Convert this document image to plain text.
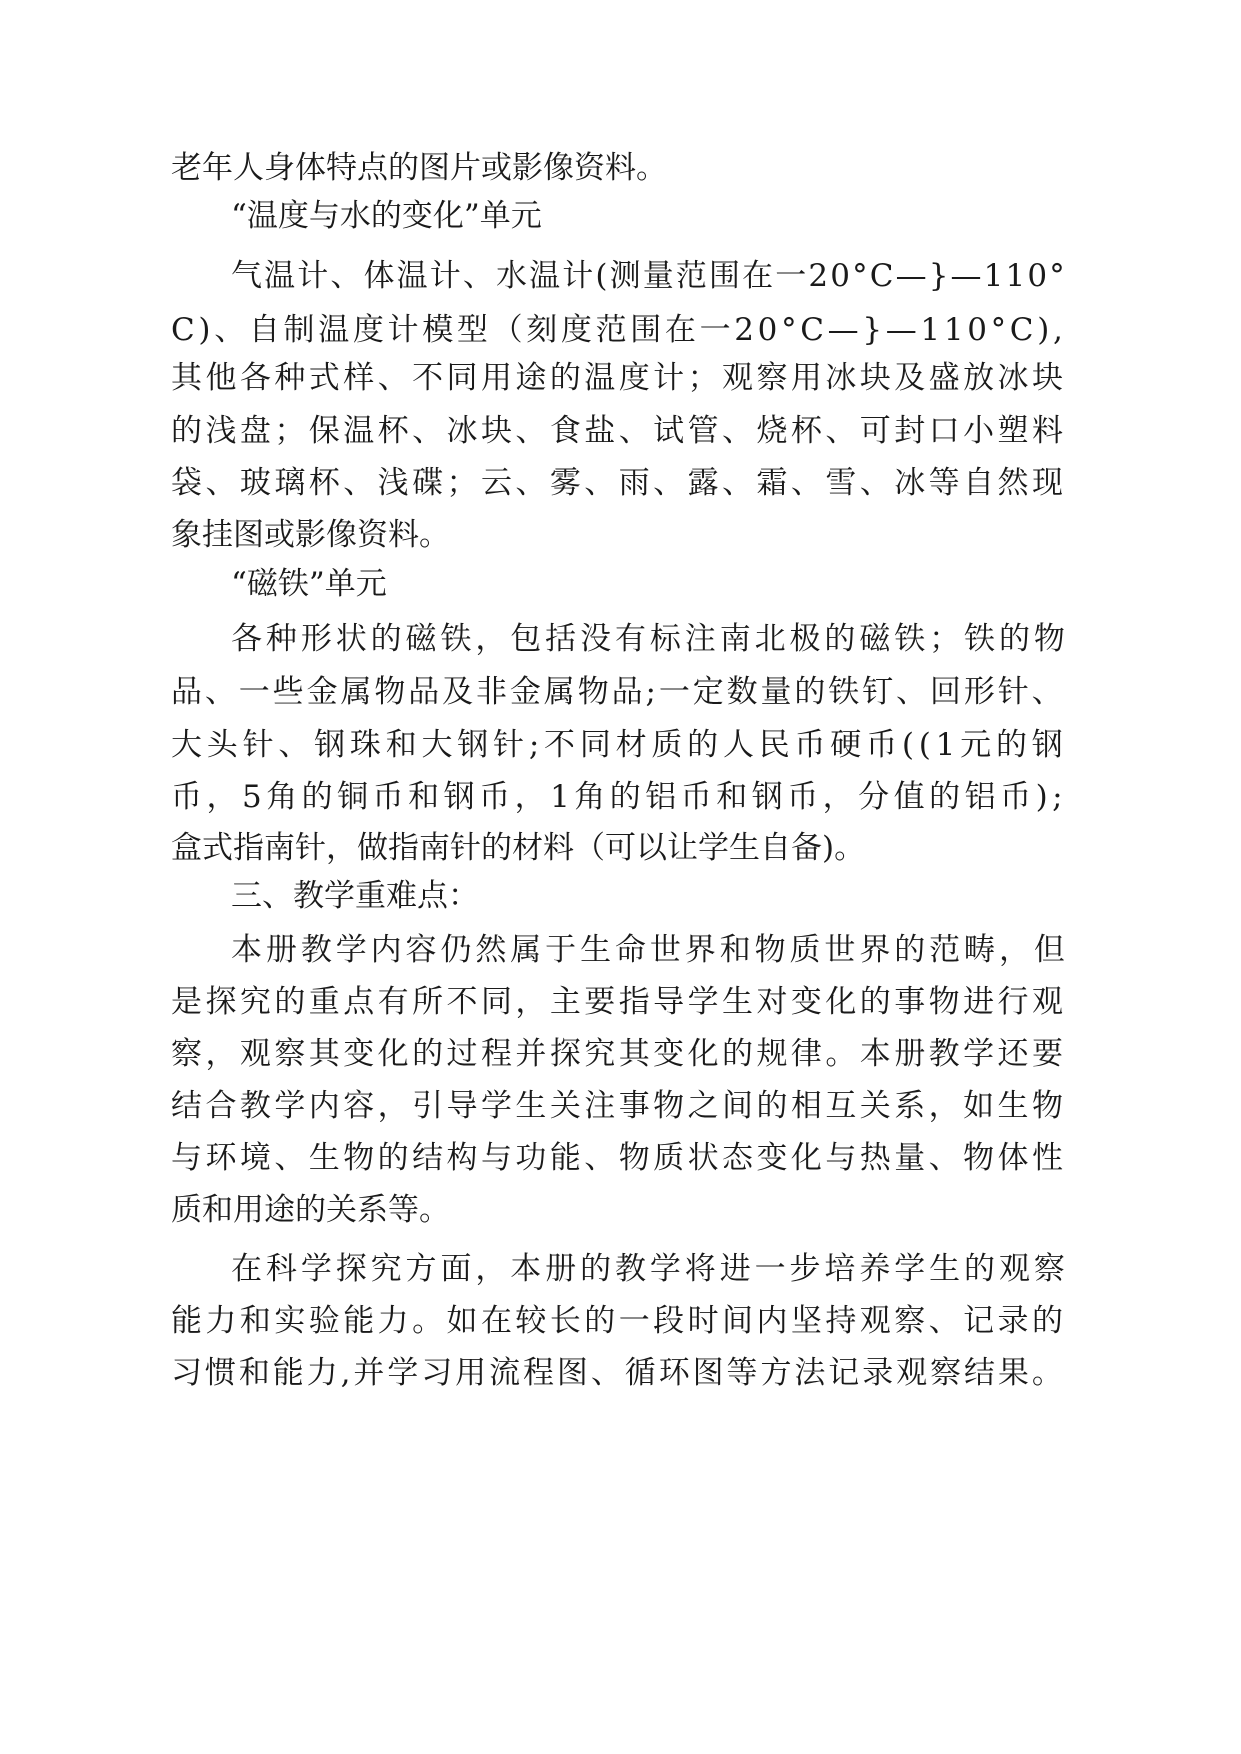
老年人身体特点的图片或影像资料。
“温度与水的变化”单元
气 温 计 、 体 温 计 、 水 温 计 ( 测 量 范 围 在 一 2 0 ° C — } — 1 1 0 °
C ) 、 自 制 温 度 计 模 型 （ 刻 度 范 围 在 一 2 0 ° C — } — 1 1 0 ° C ) ,
其 他 各 种 式 样 、 不 同 用 途 的 温 度 计 ； 观 察 用 冰 块 及 盛 放 冰 块
的 浅 盘 ； 保 温 杯 、 冰 块 、 食 盐 、 试 管 、 烧 杯 、 可 封 口 小 塑 料
袋 、 玻 璃 杯 、 浅 碟 ； 云 、 雾 、 雨 、 露 、 霜 、 雪 、 冰 等 自 然 现
象挂图或影像资料。
“磁铁”单元
各 种 形 状 的 磁 铁 ， 包 括 没 有 标 注 南 北 极 的 磁 铁 ； 铁 的 物
品 、 一 些 金 属 物 品 及 非 金 属 物 品 ; 一 定 数 量 的 铁 钉 、 回 形 针 、
大 头 针 、 钢 珠 和 大 钢 针 ; 不 同 材 质 的 人 民 币 硬 币 ( ( 1 元 的 钢
币 ， 5 角 的 铜 币 和 钢 币 ， 1 角 的 铝 币 和 钢 币 ， 分 值 的 铝 币 ) ;
盒式指南针，做指南针的材料（可以让学生自备)。
三、教学重难点：
本 册 教 学 内 容 仍 然 属 于 生 命 世 界 和 物 质 世 界 的 范 畴 ， 但
是 探 究 的 重 点 有 所 不 同 ， 主 要 指 导 学 生 对 变 化 的 事 物 进 行 观
察 ， 观 察 其 变 化 的 过 程 并 探 究 其 变 化 的 规 律 。 本 册 教 学 还 要
结 合 教 学 内 容 ， 引 导 学 生 关 注 事 物 之 间 的 相 互 关 系 ， 如 生 物
与 环 境 、 生 物 的 结 构 与 功 能 、 物 质 状 态 变 化 与 热 量 、 物 体 性
质和用途的关系等。
在 科 学 探 究 方 面 ， 本 册 的 教 学 将 进 一 步 培 养 学 生 的 观 察
能 力 和 实 验 能 力 。 如 在 较 长 的 一 段 时 间 内 坚 持 观 察 、 记 录 的
习 惯 和 能 力 , 并 学 习 用 流 程 图 、 循 环 图 等 方 法 记 录 观 察 结 果 。
